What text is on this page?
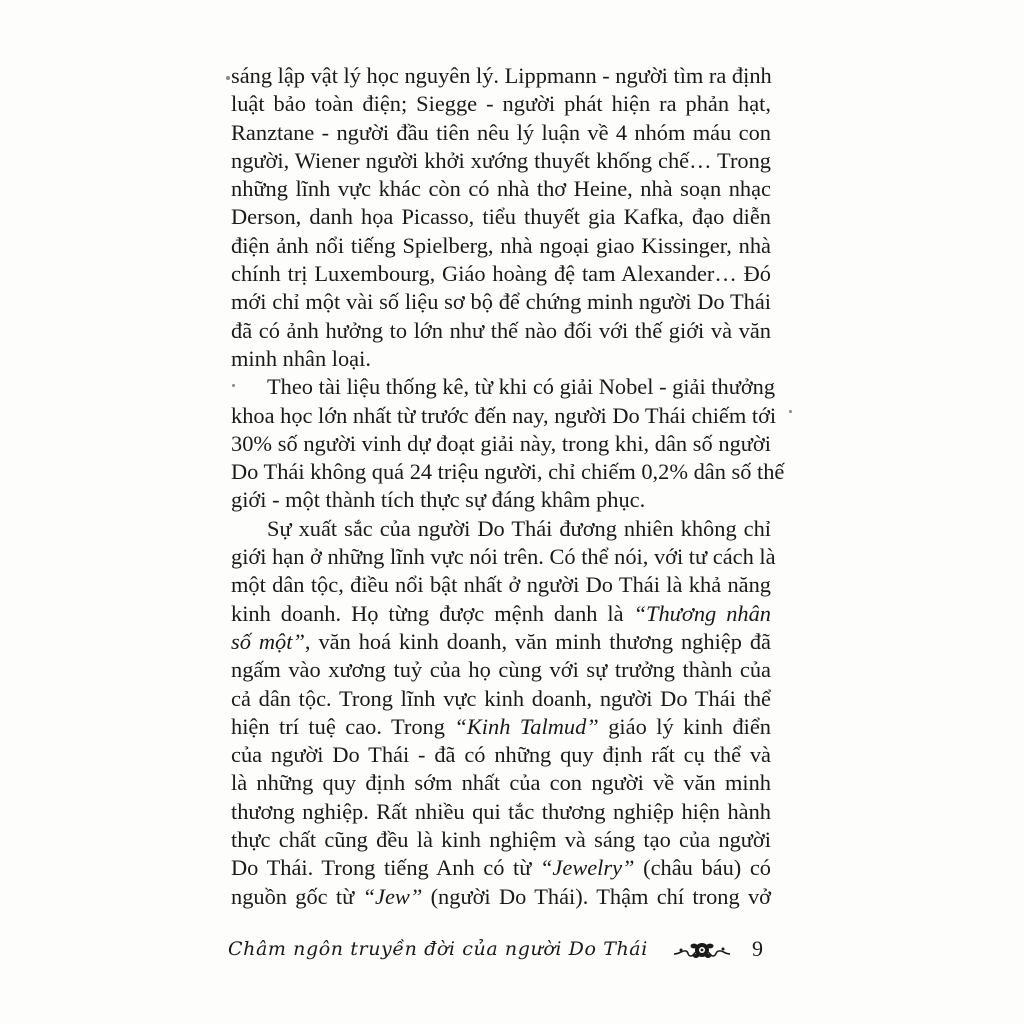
sáng lập vật lý học nguyên lý. Lippmann - người tìm ra định
luật bảo toàn điện; Siegge - người phát hiện ra phản hạt,
Ranztane - người đầu tiên nêu lý luận về 4 nhóm máu con
người, Wiener người khởi xướng thuyết khống chế… Trong
những lĩnh vực khác còn có nhà thơ Heine, nhà soạn nhạc
Derson, danh họa Picasso, tiểu thuyết gia Kafka, đạo diễn
điện ảnh nổi tiếng Spielberg, nhà ngoại giao Kissinger, nhà
chính trị Luxembourg, Giáo hoàng đệ tam Alexander… Đó
mới chỉ một vài số liệu sơ bộ để chứng minh người Do Thái
đã có ảnh hưởng to lớn như thế nào đối với thế giới và văn
minh nhân loại.
Theo tài liệu thống kê, từ khi có giải Nobel - giải thưởng
khoa học lớn nhất từ trước đến nay, người Do Thái chiếm tới
30% số người vinh dự đoạt giải này, trong khi, dân số người
Do Thái không quá 24 triệu người, chỉ chiếm 0,2% dân số thế
giới - một thành tích thực sự đáng khâm phục.
Sự xuất sắc của người Do Thái đương nhiên không chỉ
giới hạn ở những lĩnh vực nói trên. Có thể nói, với tư cách là
một dân tộc, điều nổi bật nhất ở người Do Thái là khả năng
kinh doanh. Họ từng được mệnh danh là “Thương nhân
số một”, văn hoá kinh doanh, văn minh thương nghiệp đã
ngấm vào xương tuỷ của họ cùng với sự trưởng thành của
cả dân tộc. Trong lĩnh vực kinh doanh, người Do Thái thể
hiện trí tuệ cao. Trong “Kinh Talmud” giáo lý kinh điển
của người Do Thái - đã có những quy định rất cụ thể và
là những quy định sớm nhất của con người về văn minh
thương nghiệp. Rất nhiều qui tắc thương nghiệp hiện hành
thực chất cũng đều là kinh nghiệm và sáng tạo của người
Do Thái. Trong tiếng Anh có từ “Jewelry” (châu báu) có
nguồn gốc từ “Jew” (người Do Thái). Thậm chí trong vở
Châm ngôn truyền đời của người Do Thái	9
